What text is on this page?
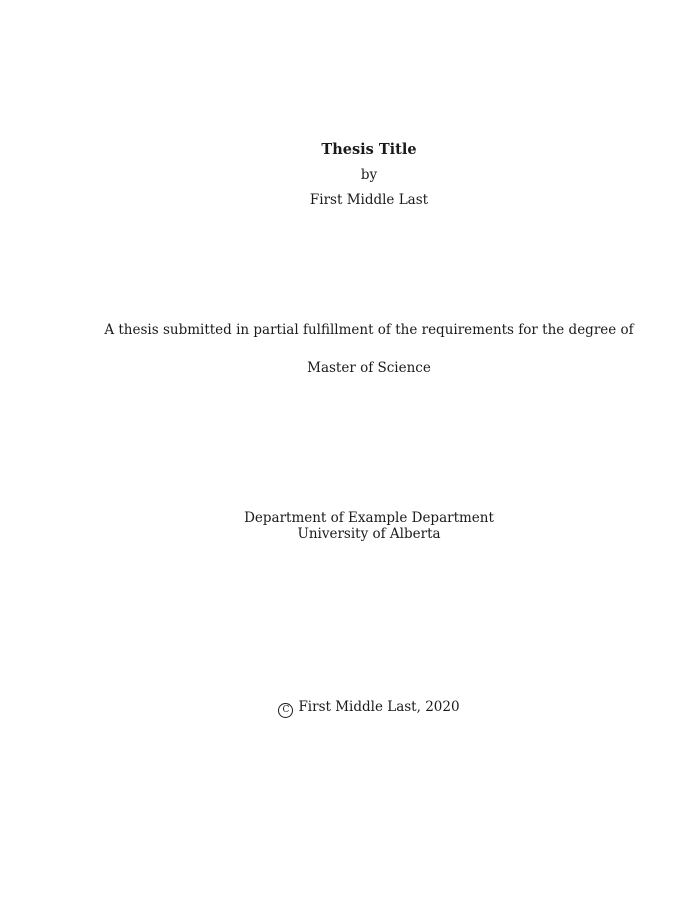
Thesis Title
by
First Middle Last
A thesis submitted in partial fulfillment of the requirements for the degree of
Master of Science
Department of Example Department
University of Alberta
C First Middle Last, 2020
